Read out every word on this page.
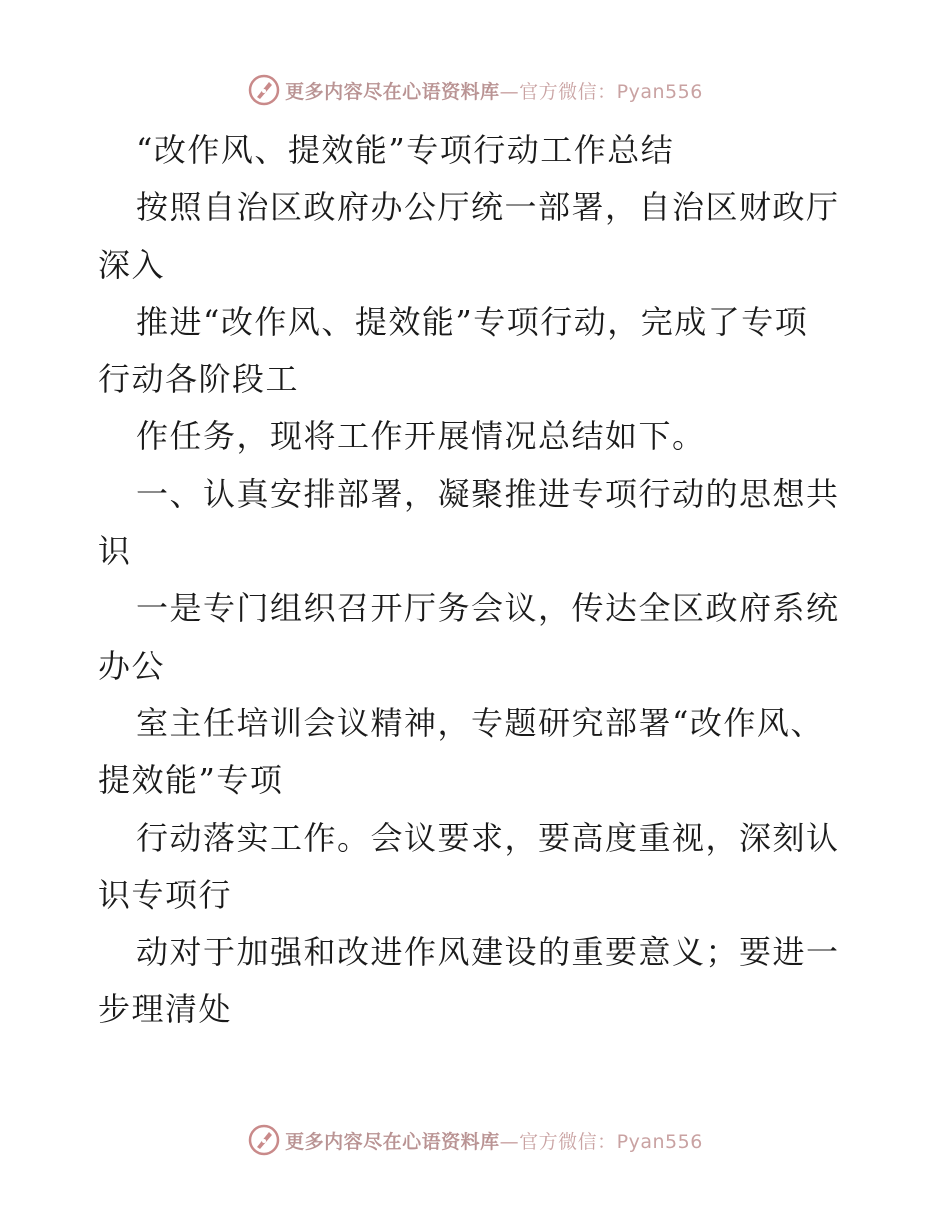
更多内容尽在心语资料库—官方微信：Pyan556
“改作风、提效能”专项行动工作总结
按照自治区政府办公厅统一部署，自治区财政厅
深入
推进“改作风、提效能”专项行动，完成了专项
行动各阶段工
作任务，现将工作开展情况总结如下。
一、认真安排部署，凝聚推进专项行动的思想共
识
一是专门组织召开厅务会议，传达全区政府系统
办公
室主任培训会议精神，专题研究部署“改作风、
提效能”专项
行动落实工作。会议要求，要高度重视，深刻认
识专项行
动对于加强和改进作风建设的重要意义；要进一
步理清处
更多内容尽在心语资料库—官方微信：Pyan556
